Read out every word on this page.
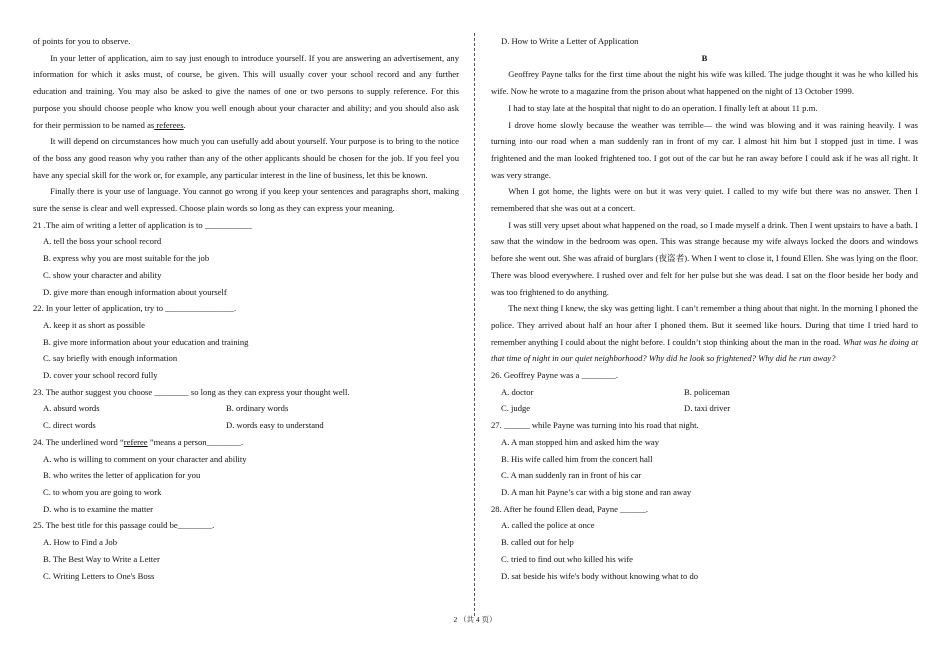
of points for you to observe.

In your letter of application, aim to say just enough to introduce yourself. If you are answering an advertisement, any information for which it asks must, of course, be given. This will usually cover your school record and any further education and training. You may also be asked to give the names of one or two persons to supply reference. For this purpose you should choose people who know you well enough about your character and ability; and you should also ask for their permission to be named as referees.

It will depend on circumstances how much you can usefully add about yourself. Your purpose is to bring to the notice of the boss any good reason why you rather than any of the other applicants should be chosen for the job. If you feel you have any special skill for the work or, for example, any particular interest in the line of business, let this be known.

Finally there is your use of language. You cannot go wrong if you keep your sentences and paragraphs short, making sure the sense is clear and well expressed. Choose plain words so long as they can express your meaning.

21 .The aim of writing a letter of application is to ___________

A. tell the boss your school record

B. express why you are most suitable for the job

C. show your character and ability

D. give more than enough information about yourself

22. In your letter of application, try to ________________.

A. keep it as short as possible

B. give more information about your education and training

C. say briefly with enough information

D. cover your school record fully

23. The author suggest you choose ________ so long as they can express your thought well.

A. absurd words	B. ordinary words
C. direct words	D. words easy to understand

24. The underlined word “referee ”means a person________.

A. who is willing to comment on your character and ability

B. who writes the letter of application for you

C. to whom you are going to work

D. who is to examine the matter

25. The best title for this passage could be________.

A. How to Find a Job

B. The Best Way to Write a Letter

C. Writing Letters to One's Boss

D. How to Write a Letter of Application

B

Geoffrey Payne talks for the first time about the night his wife was killed. The judge thought it was he who killed his wife. Now he wrote to a magazine from the prison about what happened on the night of 13 October 1999.

I had to stay late at the hospital that night to do an operation. I finally left at about 11 p.m.

I drove home slowly because the weather was terrible— the wind was blowing and it was raining heavily. I was turning into our road when a man suddenly ran in front of my car. I almost hit him but I stopped just in time. I was frightened and the man looked frightened too. I got out of the car but he ran away before I could ask if he was all right. It was very strange.

When I got home, the lights were on but it was very quiet. I called to my wife but there was no answer. Then I remembered that she was out at a concert.

I was still very upset about what happened on the road, so I made myself a drink. Then I went upstairs to have a bath. I saw that the window in the bedroom was open. This was strange because my wife always locked the doors and windows before she went out. She was afraid of burglars (夜盗者). When I went to close it, I found Ellen. She was lying on the floor. There was blood everywhere. I rushed over and felt for her pulse but she was dead. I sat on the floor beside her body and was too frightened to do anything.

The next thing I knew, the sky was getting light. I can’t remember a thing about that night. In the morning I phoned the police. They arrived about half an hour after I phoned them. But it seemed like hours. During that time I tried hard to remember anything I could about the night before. I couldn’t stop thinking about the man in the road. What was he doing at that time of night in our quiet neighborhood? Why did he look so frightened? Why did he run away?

26. Geoffrey Payne was a ________.

A. doctor	B. policeman
C. judge	D. taxi driver

27. ______ while Payne was turning into his road that night.

A. A man stopped him and asked him the way

B. His wife called him from the concert hall

C. A man suddenly ran in front of his car

D. A man hit Payne’s car with a big stone and ran away

28. After he found Ellen dead, Payne ______.

A. called the police at once

B. called out for help

C. tried to find out who killed his wife

D. sat beside his wife's body without knowing what to do

2 （共 4 页）
